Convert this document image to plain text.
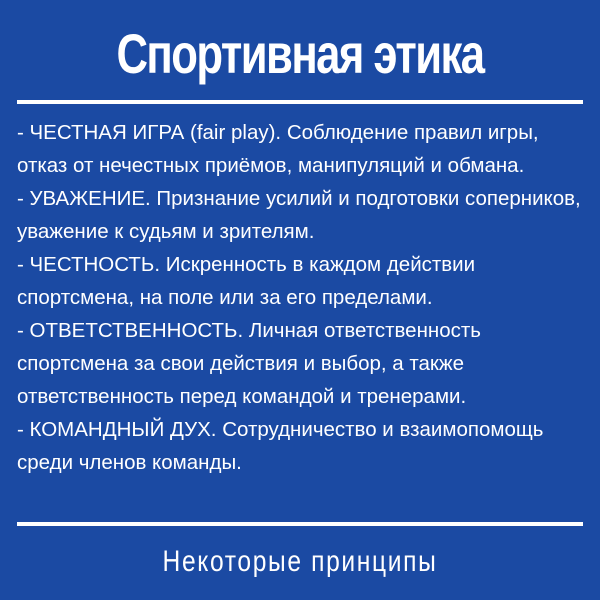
Спортивная этика

- ЧЕСТНАЯ ИГРА (fair play). Соблюдение правил игры, отказ от нечестных приёмов, манипуляций и обмана.

- УВАЖЕНИЕ. Признание усилий и подготовки соперников, уважение к судьям и зрителям.

- ЧЕСТНОСТЬ. Искренность в каждом действии спортсмена, на поле или за его пределами.

- ОТВЕТСТВЕННОСТЬ. Личная ответственность спортсмена за свои действия и выбор, а также ответственность перед командой и тренерами.

- КОМАНДНЫЙ ДУХ. Сотрудничество и взаимопомощь среди членов команды.

Некоторые принципы
